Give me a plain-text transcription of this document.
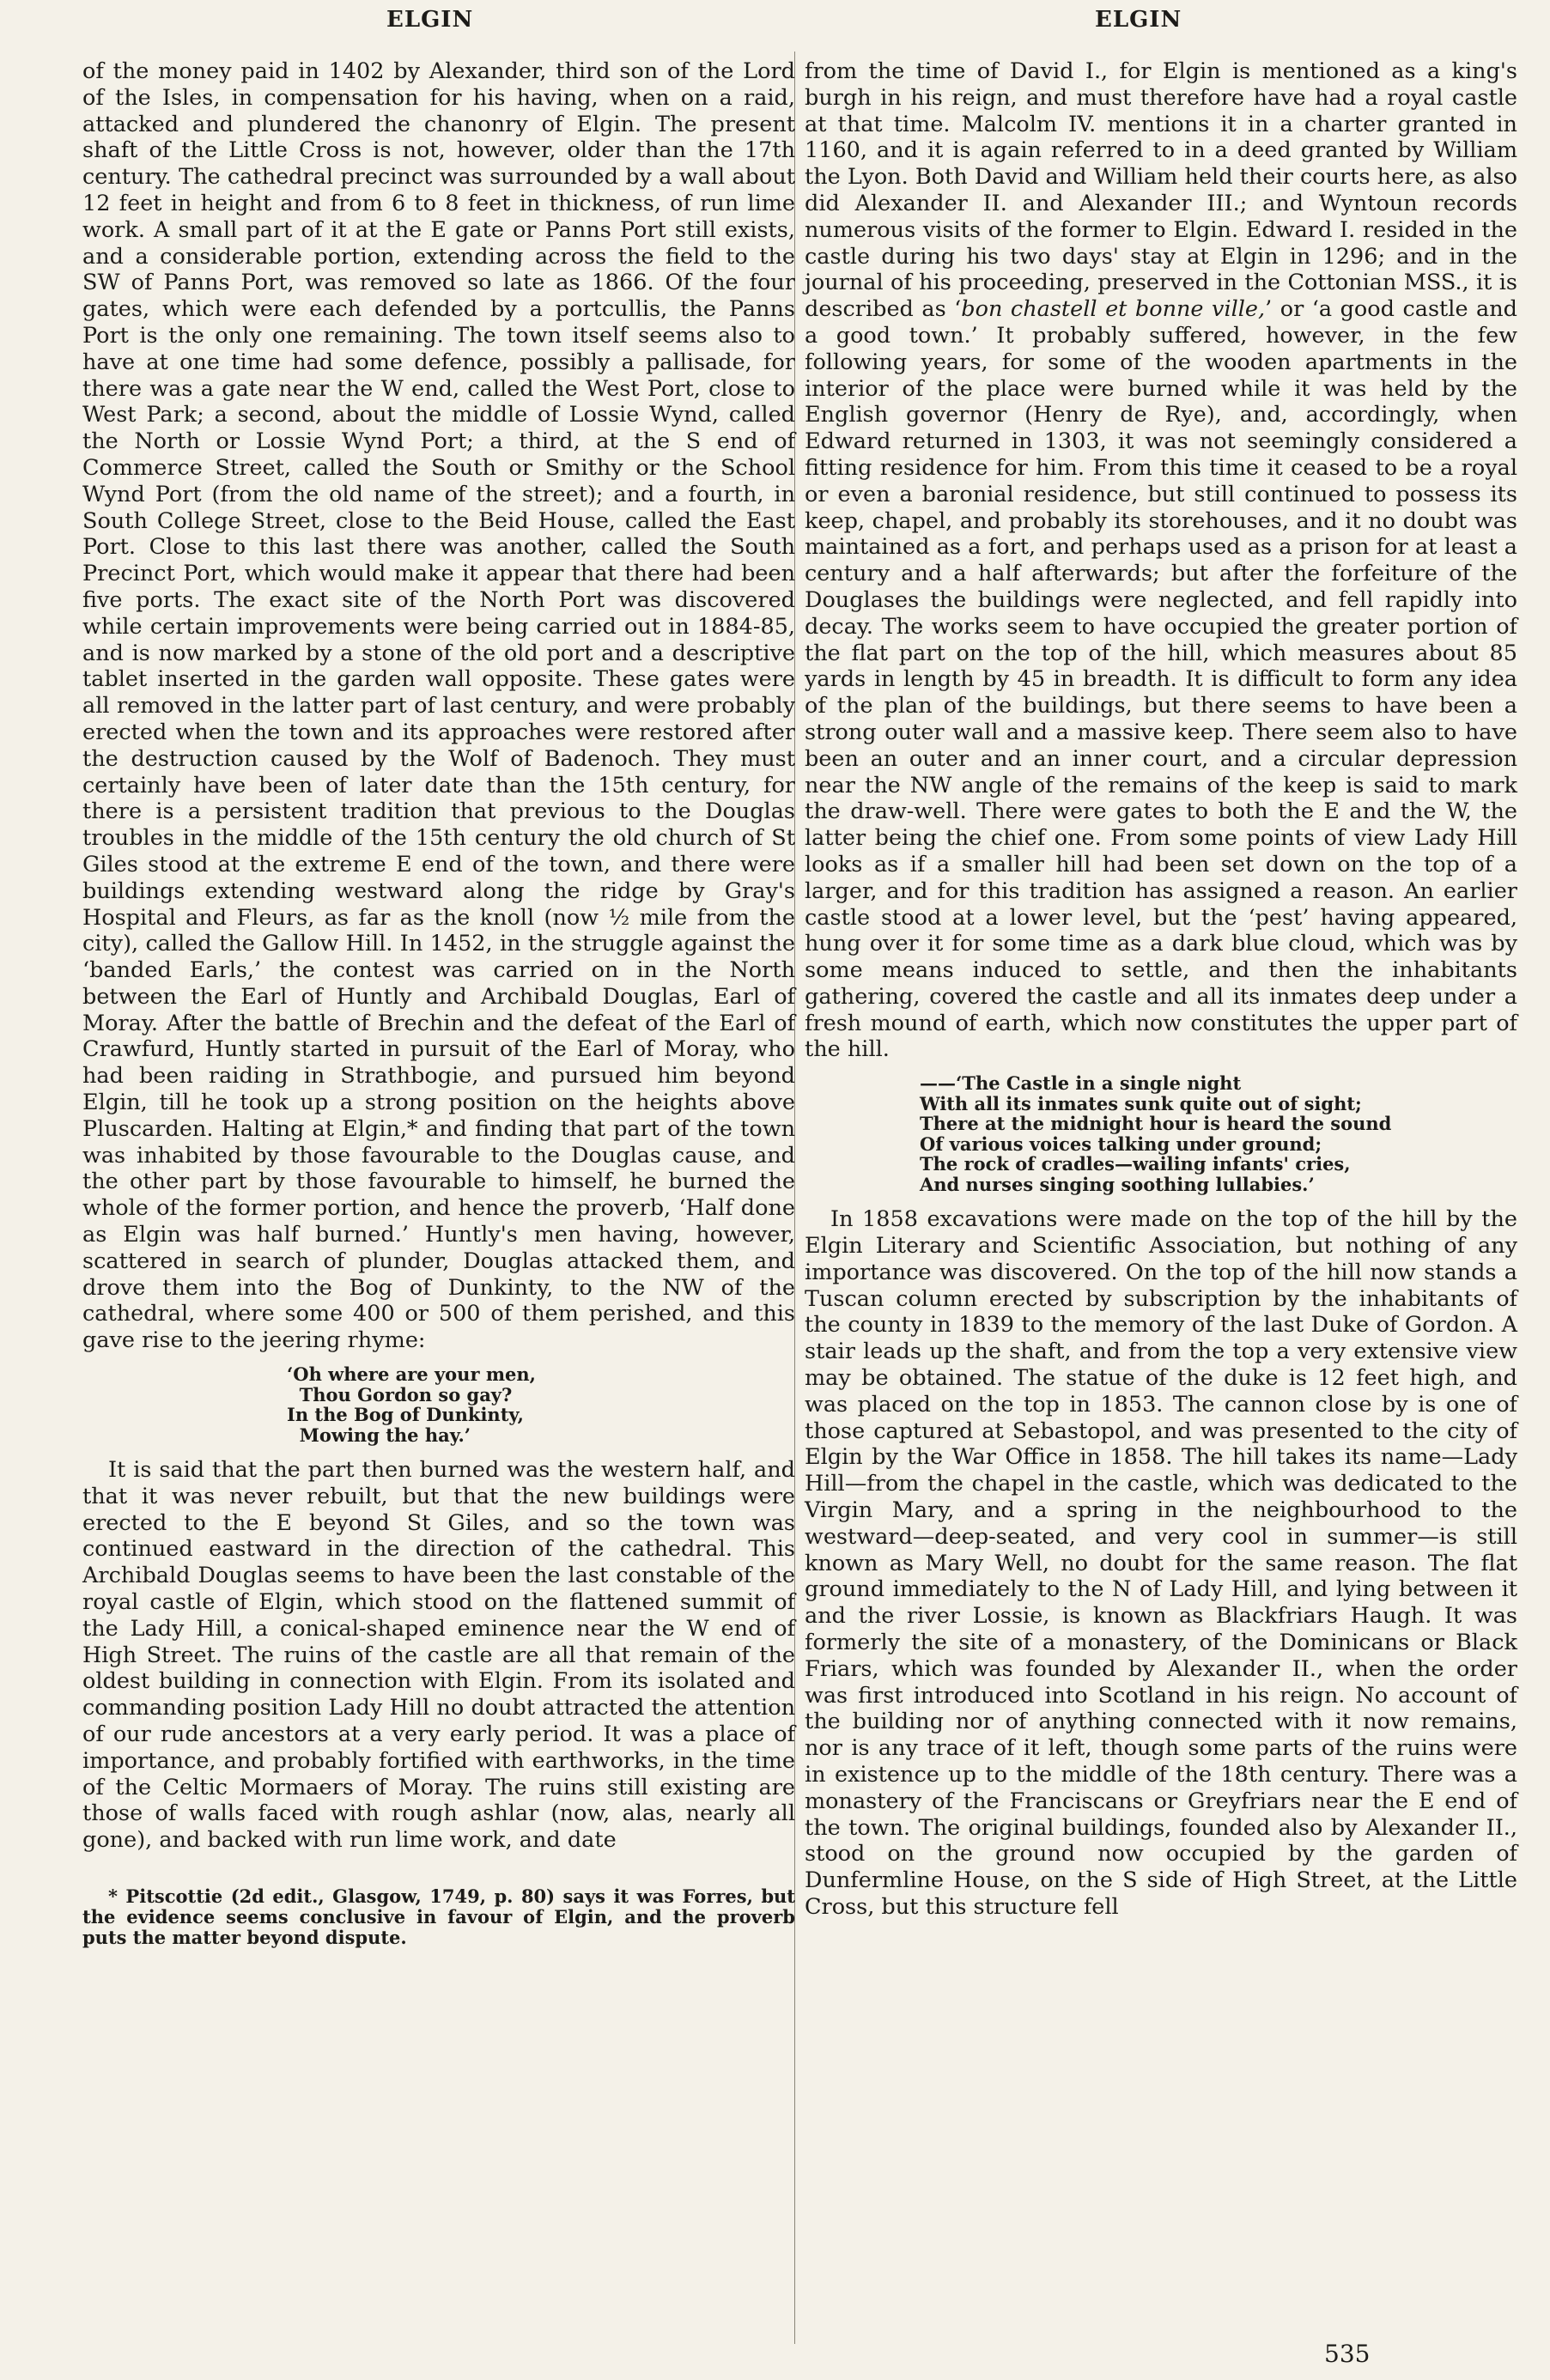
ELGIN	ELGIN

of the money paid in 1402 by Alexander, third son of the Lord of the Isles, in compensation for his having, when on a raid, attacked and plundered the chanonry of Elgin. The present shaft of the Little Cross is not, however, older than the 17th century. The cathedral precinct was surrounded by a wall about 12 feet in height and from 6 to 8 feet in thickness, of run lime work. A small part of it at the E gate or Panns Port still exists, and a considerable portion, extending across the field to the SW of Panns Port, was removed so late as 1866. Of the four gates, which were each defended by a portcullis, the Panns Port is the only one remaining. The town itself seems also to have at one time had some defence, possibly a pallisade, for there was a gate near the W end, called the West Port, close to West Park; a second, about the middle of Lossie Wynd, called the North or Lossie Wynd Port; a third, at the S end of Commerce Street, called the South or Smithy or the School Wynd Port (from the old name of the street); and a fourth, in South College Street, close to the Beid House, called the East Port. Close to this last there was another, called the South Precinct Port, which would make it appear that there had been five ports. The exact site of the North Port was discovered while certain improvements were being carried out in 1884-85, and is now marked by a stone of the old port and a descriptive tablet inserted in the garden wall opposite. These gates were all removed in the latter part of last century, and were probably erected when the town and its approaches were restored after the destruction caused by the Wolf of Badenoch. They must certainly have been of later date than the 15th century, for there is a persistent tradition that previous to the Douglas troubles in the middle of the 15th century the old church of St Giles stood at the extreme E end of the town, and there were buildings extending westward along the ridge by Gray's Hospital and Fleurs, as far as the knoll (now ½ mile from the city), called the Gallow Hill. In 1452, in the struggle against the ‘banded Earls,’ the contest was carried on in the North between the Earl of Huntly and Archibald Douglas, Earl of Moray. After the battle of Brechin and the defeat of the Earl of Crawfurd, Huntly started in pursuit of the Earl of Moray, who had been raiding in Strathbogie, and pursued him beyond Elgin, till he took up a strong position on the heights above Pluscarden. Halting at Elgin,* and finding that part of the town was inhabited by those favourable to the Douglas cause, and the other part by those favourable to himself, he burned the whole of the former portion, and hence the proverb, ‘Half done as Elgin was half burned.’ Huntly's men having, however, scattered in search of plunder, Douglas attacked them, and drove them into the Bog of Dunkinty, to the NW of the cathedral, where some 400 or 500 of them perished, and this gave rise to the jeering rhyme:

‘Oh where are your men,
Thou Gordon so gay?
In the Bog of Dunkinty,
Mowing the hay.’

It is said that the part then burned was the western half, and that it was never rebuilt, but that the new buildings were erected to the E beyond St Giles, and so the town was continued eastward in the direction of the cathedral. This Archibald Douglas seems to have been the last constable of the royal castle of Elgin, which stood on the flattened summit of the Lady Hill, a conical-shaped eminence near the W end of High Street. The ruins of the castle are all that remain of the oldest building in connection with Elgin. From its isolated and commanding position Lady Hill no doubt attracted the attention of our rude ancestors at a very early period. It was a place of importance, and probably fortified with earthworks, in the time of the Celtic Mormaers of Moray. The ruins still existing are those of walls faced with rough ashlar (now, alas, nearly all gone), and backed with run lime work, and date

* Pitscottie (2d edit., Glasgow, 1749, p. 80) says it was Forres, but the evidence seems conclusive in favour of Elgin, and the proverb puts the matter beyond dispute.

from the time of David I., for Elgin is mentioned as a king's burgh in his reign, and must therefore have had a royal castle at that time. Malcolm IV. mentions it in a charter granted in 1160, and it is again referred to in a deed granted by William the Lyon. Both David and William held their courts here, as also did Alexander II. and Alexander III.; and Wyntoun records numerous visits of the former to Elgin. Edward I. resided in the castle during his two days' stay at Elgin in 1296; and in the journal of his proceeding, preserved in the Cottonian MSS., it is described as ‘bon chastell et bonne ville,’ or ‘a good castle and a good town.’ It probably suffered, however, in the few following years, for some of the wooden apartments in the interior of the place were burned while it was held by the English governor (Henry de Rye), and, accordingly, when Edward returned in 1303, it was not seemingly considered a fitting residence for him. From this time it ceased to be a royal or even a baronial residence, but still continued to possess its keep, chapel, and probably its storehouses, and it no doubt was maintained as a fort, and perhaps used as a prison for at least a century and a half afterwards; but after the forfeiture of the Douglases the buildings were neglected, and fell rapidly into decay. The works seem to have occupied the greater portion of the flat part on the top of the hill, which measures about 85 yards in length by 45 in breadth. It is difficult to form any idea of the plan of the buildings, but there seems to have been a strong outer wall and a massive keep. There seem also to have been an outer and an inner court, and a circular depression near the NW angle of the remains of the keep is said to mark the draw-well. There were gates to both the E and the W, the latter being the chief one. From some points of view Lady Hill looks as if a smaller hill had been set down on the top of a larger, and for this tradition has assigned a reason. An earlier castle stood at a lower level, but the ‘pest’ having appeared, hung over it for some time as a dark blue cloud, which was by some means induced to settle, and then the inhabitants gathering, covered the castle and all its inmates deep under a fresh mound of earth, which now constitutes the upper part of the hill.

——‘The Castle in a single night
With all its inmates sunk quite out of sight;
There at the midnight hour is heard the sound
Of various voices talking under ground;
The rock of cradles—wailing infants' cries,
And nurses singing soothing lullabies.’

In 1858 excavations were made on the top of the hill by the Elgin Literary and Scientific Association, but nothing of any importance was discovered. On the top of the hill now stands a Tuscan column erected by subscription by the inhabitants of the county in 1839 to the memory of the last Duke of Gordon. A stair leads up the shaft, and from the top a very extensive view may be obtained. The statue of the duke is 12 feet high, and was placed on the top in 1853. The cannon close by is one of those captured at Sebastopol, and was presented to the city of Elgin by the War Office in 1858. The hill takes its name—Lady Hill—from the chapel in the castle, which was dedicated to the Virgin Mary, and a spring in the neighbourhood to the westward—deep-seated, and very cool in summer—is still known as Mary Well, no doubt for the same reason. The flat ground immediately to the N of Lady Hill, and lying between it and the river Lossie, is known as Blackfriars Haugh. It was formerly the site of a monastery, of the Dominicans or Black Friars, which was founded by Alexander II., when the order was first introduced into Scotland in his reign. No account of the building nor of anything connected with it now remains, nor is any trace of it left, though some parts of the ruins were in existence up to the middle of the 18th century. There was a monastery of the Franciscans or Greyfriars near the E end of the town. The original buildings, founded also by Alexander II., stood on the ground now occupied by the garden of Dunfermline House, on the S side of High Street, at the Little Cross, but this structure fell

535
